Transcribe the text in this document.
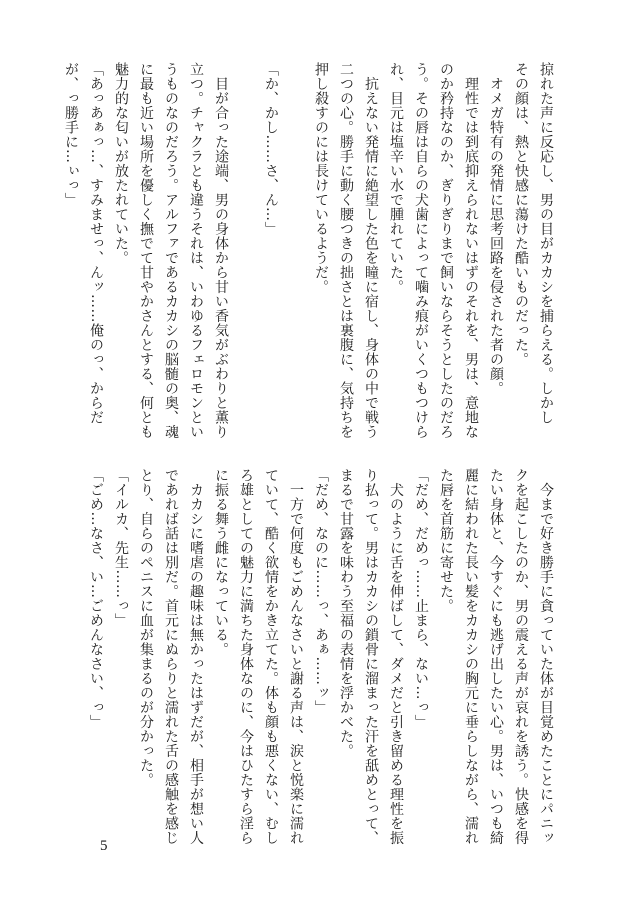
掠れた声に反応し、男の目がカカシを捕らえる。しかし
その顔は、熱と快感に蕩けた酷いものだった。
　オメガ特有の発情に思考回路を侵された者の顔。
　理性では到底抑えられないはずのそれを、男は、意地な
のか矜持なのか、ぎりぎりまで飼いならそうとしたのだろ
う。その唇は自らの犬歯によって噛み痕がいくつもつけら
れ、目元は塩辛い水で腫れていた。
　抗えない発情に絶望した色を瞳に宿し、身体の中で戦う
二つの心。勝手に動く腰つきの拙さとは裏腹に、気持ちを
押し殺すのには長けているようだ。

「か、かし……さ、ん…」

　目が合った途端、男の身体から甘い香気がぶわりと薫り
立つ。チャクラとも違うそれは、いわゆるフェロモンとい
うものなのだろう。アルファであるカカシの脳髄の奥、魂
に最も近い場所を優しく撫でて甘やかさんとする、何とも
魅力的な匂いが放たれていた。
「あっあぁっ…、すみませっ、んッ……俺のっ、からだ
が、っ勝手に…ぃっ」
　今まで好き勝手に貪っていた体が目覚めたことにパニッ
クを起こしたのか、男の震える声が哀れを誘う。快感を得
たい身体と、今すぐにも逃げ出したい心。男は、いつも綺
麗に結われた長い髪をカカシの胸元に垂らしながら、濡れ
た唇を首筋に寄せた。
「だめ、だめっ……止まら、ない…っ」
　犬のように舌を伸ばして、ダメだと引き留める理性を振
り払って。男はカカシの鎖骨に溜まった汗を舐めとって、
まるで甘露を味わう至福の表情を浮かべた。
「だめ、なのに……っ、あぁ……ッ」
　一方で何度もごめんなさいと謝る声は、涙と悦楽に濡れ
ていて、酷く欲情をかき立てた。体も顔も悪くない、むし
ろ雄としての魅力に満ちた身体なのに、今はひたすら淫ら
に振る舞う雌になっている。
　カカシに嗜虐の趣味は無かったはずだが、相手が想い人
であれば話は別だ。首元にぬらりと濡れた舌の感触を感じ
とり、自らのペニスに血が集まるのが分かった。
「イルカ、先生……っ」
「ごめ…なさ、い…ごめんなさい、っ」
5
